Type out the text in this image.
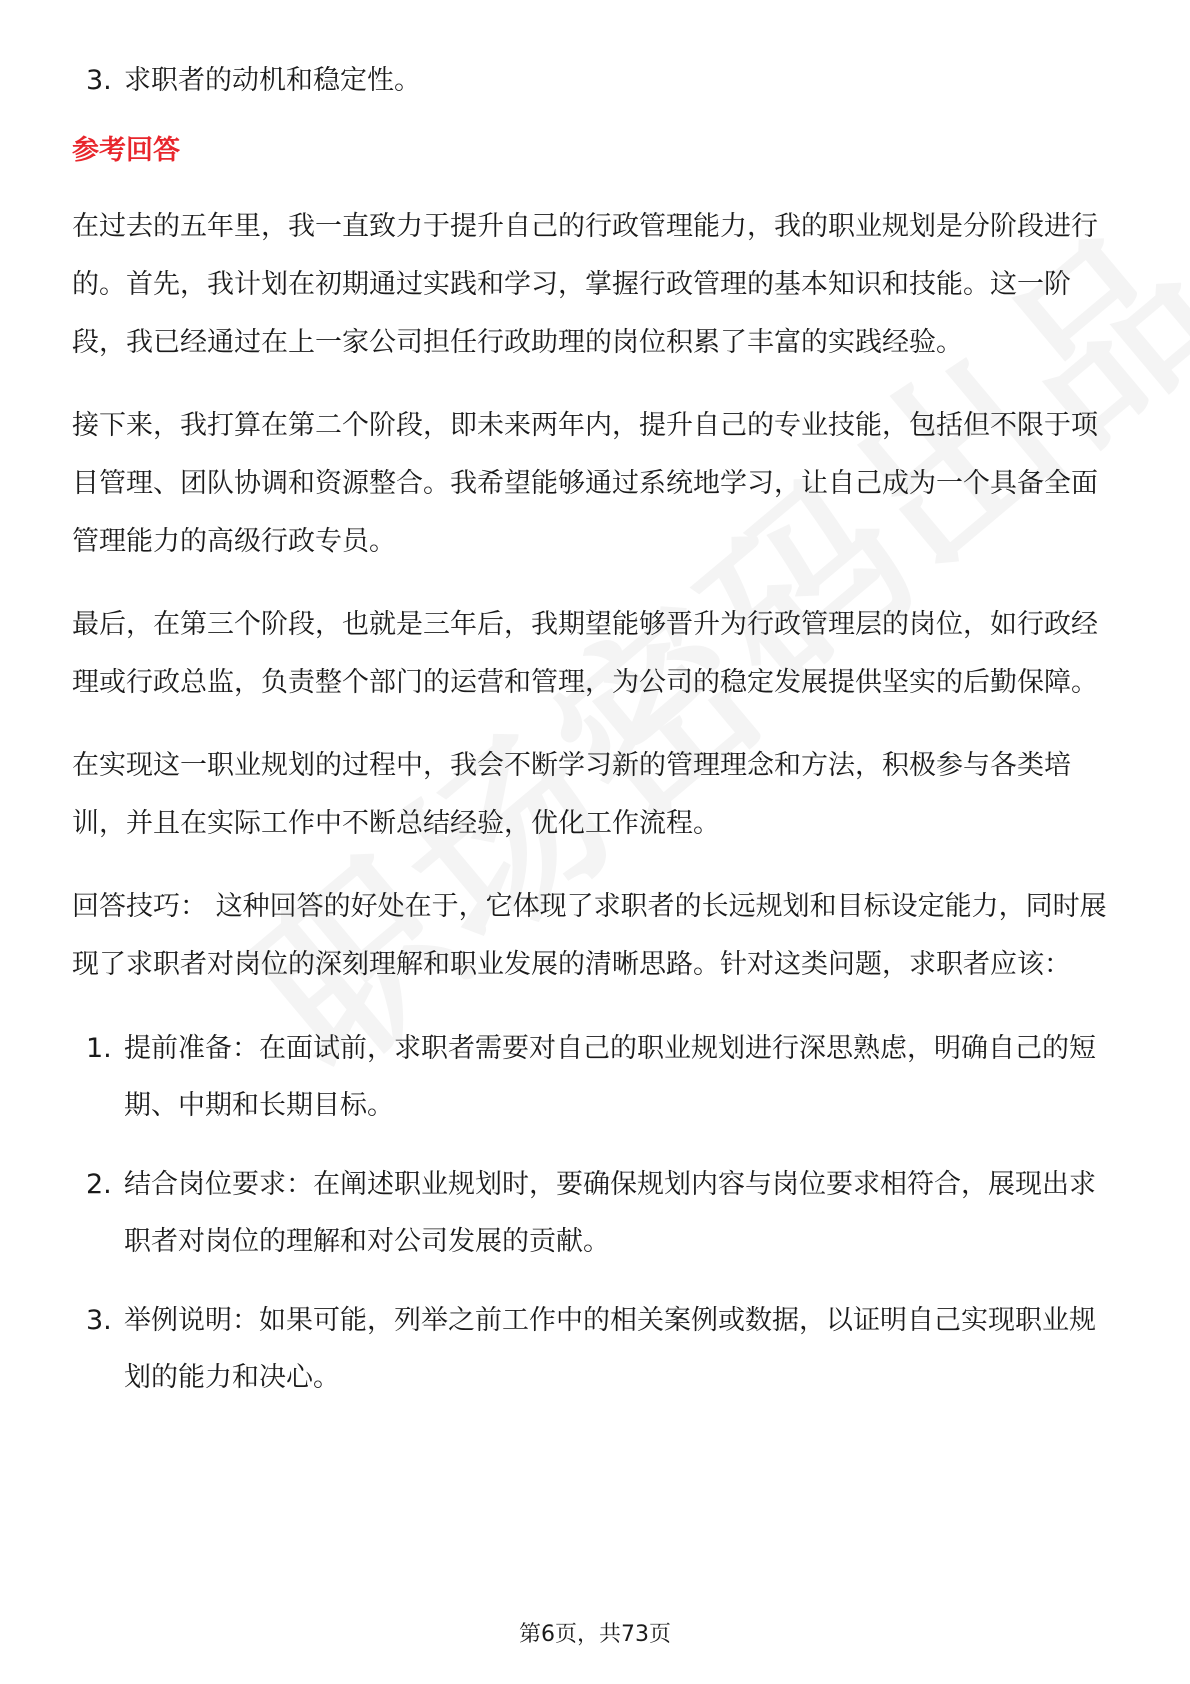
3. 求职者的动机和稳定性。
参考回答

在过去的五年里，我一直致力于提升自己的行政管理能力，我的职业规划是分阶段进行的。首先，我计划在初期通过实践和学习，掌握行政管理的基本知识和技能。这一阶段，我已经通过在上一家公司担任行政助理的岗位积累了丰富的实践经验。

接下来，我打算在第二个阶段，即未来两年内，提升自己的专业技能，包括但不限于项目管理、团队协调和资源整合。我希望能够通过系统地学习，让自己成为一个具备全面管理能力的高级行政专员。

最后，在第三个阶段，也就是三年后，我期望能够晋升为行政管理层的岗位，如行政经理或行政总监，负责整个部门的运营和管理，为公司的稳定发展提供坚实的后勤保障。

在实现这一职业规划的过程中，我会不断学习新的管理理念和方法，积极参与各类培训，并且在实际工作中不断总结经验，优化工作流程。

回答技巧： 这种回答的好处在于，它体现了求职者的长远规划和目标设定能力，同时展现了求职者对岗位的深刻理解和职业发展的清晰思路。针对这类问题，求职者应该：

1. 提前准备：在面试前，求职者需要对自己的职业规划进行深思熟虑，明确自己的短期、中期和长期目标。
2. 结合岗位要求：在阐述职业规划时，要确保规划内容与岗位要求相符合，展现出求职者对岗位的理解和对公司发展的贡献。
3. 举例说明：如果可能，列举之前工作中的相关案例或数据，以证明自己实现职业规划的能力和决心。
第6页，共73页
